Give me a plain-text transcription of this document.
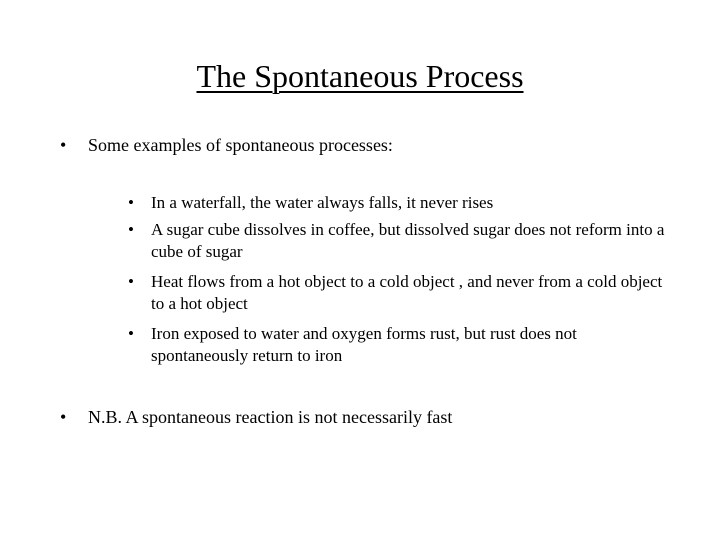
The Spontaneous Process
•	Some examples of spontaneous processes:
•	In a waterfall, the water always falls, it never rises
•	A sugar cube dissolves in coffee, but dissolved sugar does not reform into a cube of sugar
•	Heat flows from a hot object to a cold object , and never from a cold object to a hot object
•	Iron exposed to water and oxygen forms rust, but rust does not spontaneously return to iron
•	N.B. A spontaneous reaction is not necessarily fast
